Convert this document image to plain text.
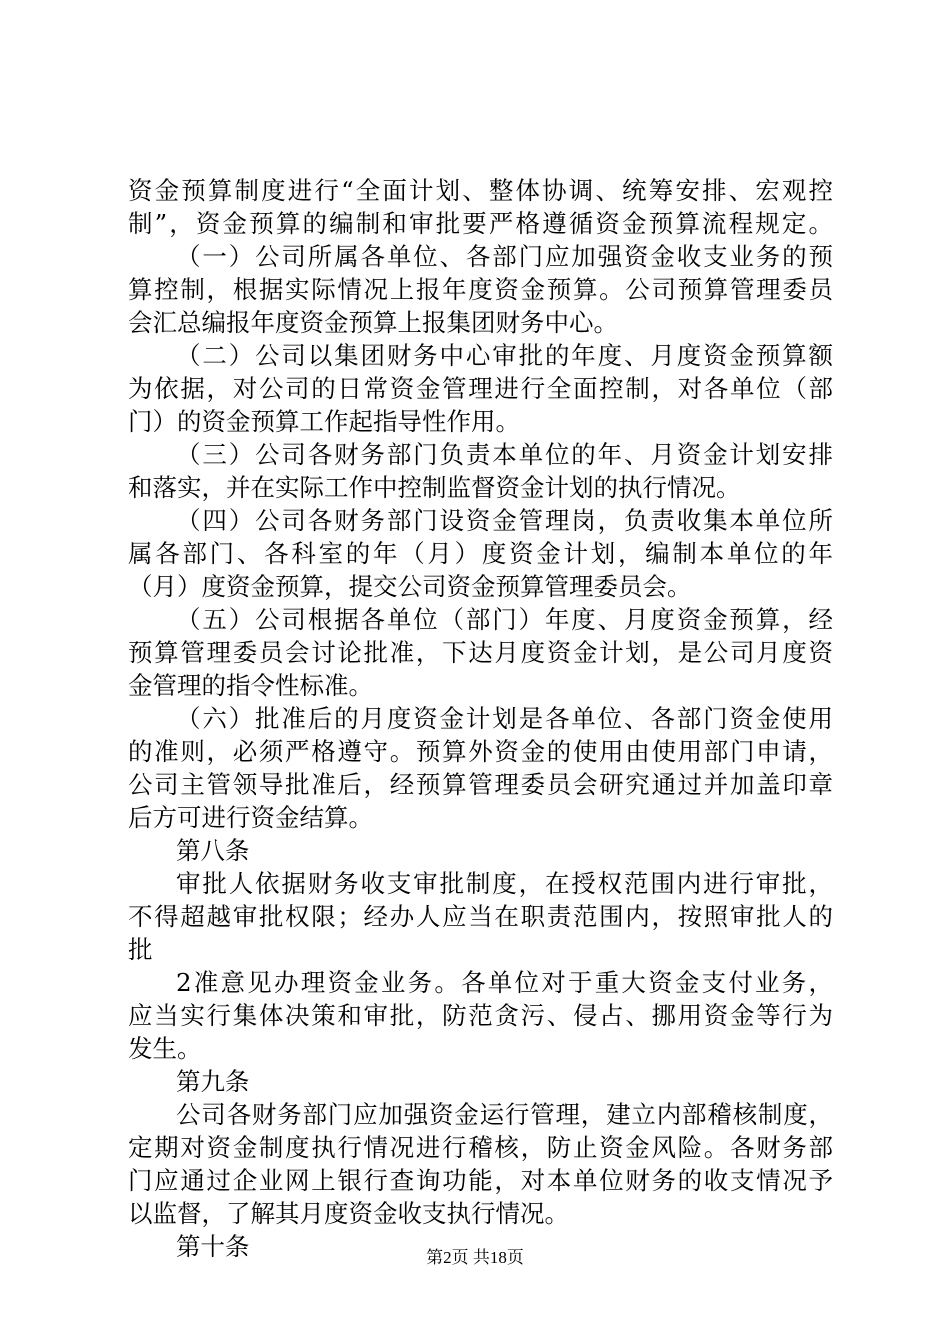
资金预算制度进行“全面计划、整体协调、统筹安排、宏观控
制”，资金预算的编制和审批要严格遵循资金预算流程规定。
（一）公司所属各单位、各部门应加强资金收支业务的预
算控制，根据实际情况上报年度资金预算。公司预算管理委员
会汇总编报年度资金预算上报集团财务中心。
（二）公司以集团财务中心审批的年度、月度资金预算额
为依据，对公司的日常资金管理进行全面控制，对各单位（部
门）的资金预算工作起指导性作用。
（三）公司各财务部门负责本单位的年、月资金计划安排
和落实，并在实际工作中控制监督资金计划的执行情况。
（四）公司各财务部门设资金管理岗，负责收集本单位所
属各部门、各科室的年（月）度资金计划，编制本单位的年
（月）度资金预算，提交公司资金预算管理委员会。
（五）公司根据各单位（部门）年度、月度资金预算，经
预算管理委员会讨论批准，下达月度资金计划，是公司月度资
金管理的指令性标准。
（六）批准后的月度资金计划是各单位、各部门资金使用
的准则，必须严格遵守。预算外资金的使用由使用部门申请，
公司主管领导批准后，经预算管理委员会研究通过并加盖印章
后方可进行资金结算。
第八条
审批人依据财务收支审批制度，在授权范围内进行审批，
不得超越审批权限；经办人应当在职责范围内，按照审批人的
批
2准意见办理资金业务。各单位对于重大资金支付业务，
应当实行集体决策和审批，防范贪污、侵占、挪用资金等行为
发生。
第九条
公司各财务部门应加强资金运行管理，建立内部稽核制度，
定期对资金制度执行情况进行稽核，防止资金风险。各财务部
门应通过企业网上银行查询功能，对本单位财务的收支情况予
以监督，了解其月度资金收支执行情况。
第十条	第2页 共18页
